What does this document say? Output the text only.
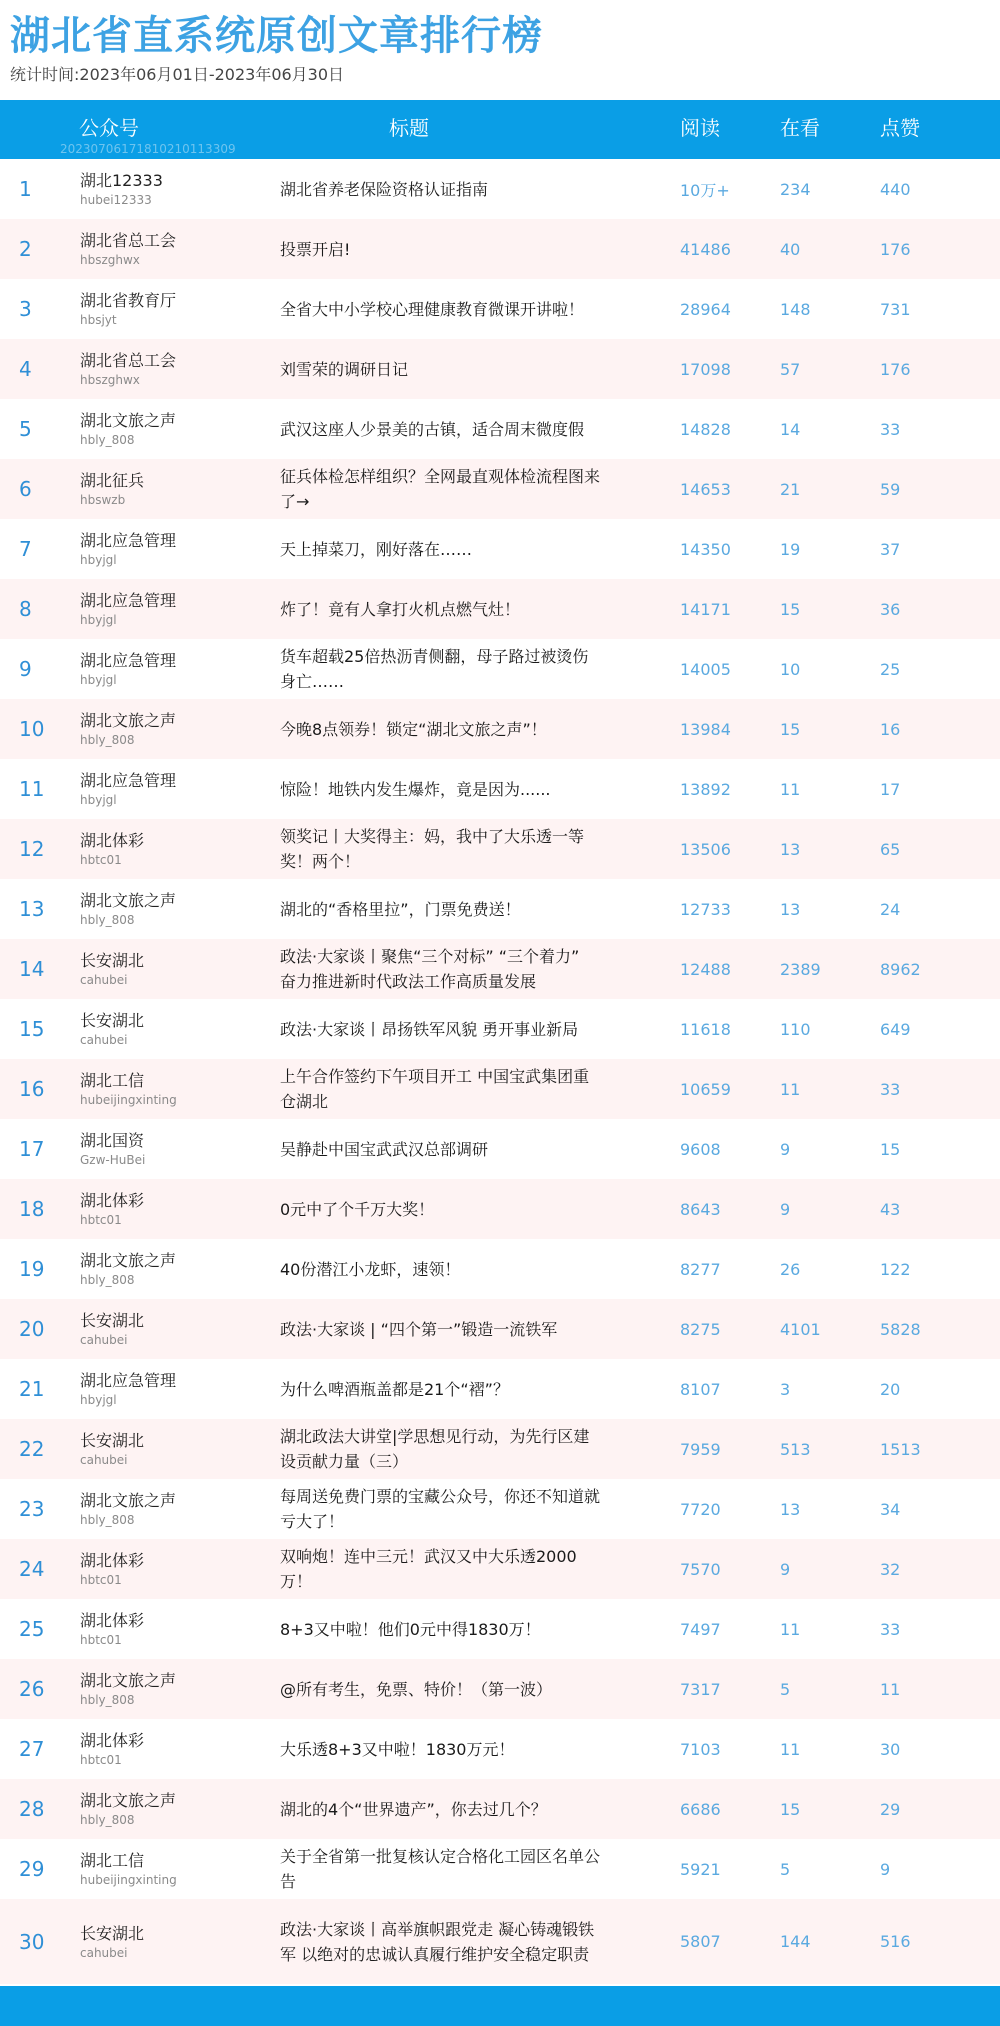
湖北省直系统原创文章排行榜
统计时间:2023年06月01日-2023年06月30日
公众号	标题	阅读	在看	点赞
2023070617181021011330​9
1	湖北12333
hubei12333
湖北省养老保险资格认证指南	10万+	234	440
2	湖北省总工会
hbszghwx
投票开启!	41486	40	176
3	湖北省教育厅
hbsjyt
全省大中小学校心理健康教育微课开讲啦！	28964	148	731
4	湖北省总工会
hbszghwx
刘雪荣的调研日记	17098	57	176
5	湖北文旅之声
hbly_808
武汉这座人少景美的古镇，适合周末微度假	14828	14	33
6	湖北征兵
hbswzb
征兵体检怎样组织？全网最直观体检流程图来了→
14653	21	59
7	湖北应急管理
hbyjgl
天上掉菜刀，刚好落在……	14350	19	37
8	湖北应急管理
hbyjgl
炸了！竟有人拿打火机点燃气灶！	14171	15	36
9	湖北应急管理
hbyjgl
货车超载25倍热沥青侧翻，母子路过被烫伤身亡……
14005	10	25
10 湖北文旅之声
hbly_808
今晚8点领券！锁定“湖北文旅之声”！	13984	15	16
11 湖北应急管理
hbyjgl
惊险！地铁内发生爆炸，竟是因为......	13892	11	17
12 湖北体彩
hbtc01
领奖记丨大奖得主：妈，我中了大乐透一等奖！两个！
13506	13	65
13 湖北文旅之声
hbly_808
湖北的“香格里拉”，门票免费送！	12733	13	24
14 长安湖北
cahubei
政法·大家谈丨聚焦“三个对标” “三个着力” 奋力推进新时代政法工作高质量发展
12488	2389	8962
15 长安湖北
cahubei
政法·大家谈丨昂扬铁军风貌 勇开事业新局	11618	110	649
16 湖北工信
hubeijingxinting
上午合作签约下午项目开工 中国宝武集团重仓湖北
10659	11	33
17 湖北国资
Gzw-HuBei
吴静赴中国宝武武汉总部调研	9608	9	15
18 湖北体彩
hbtc01
0元中了个千万大奖！	8643	9	43
19 湖北文旅之声
hbly_808
40份潜江小龙虾，速领！	8277	26	122
20 长安湖北
cahubei
政法·大家谈 | “四个第一”锻造一流铁军	8275	4101	5828
21 湖北应急管理
hbyjgl
为什么啤酒瓶盖都是21个“褶”？	8107	3	20
22 长安湖北
cahubei
湖北政法大讲堂|学思想见行动，为先行区建设贡献力量（三）
7959	513	1513
23 湖北文旅之声
hbly_808
每周送免费门票的宝藏公众号，你还不知道就亏大了！
7720	13	34
24 湖北体彩
hbtc01
双响炮！连中三元！武汉又中大乐透2000万！
7570	9	32
25 湖北体彩
hbtc01
8+3又中啦！他们0元中得1830万！	7497	11	33
26 湖北文旅之声
hbly_808
@所有考生，免票、特价！（第一波）	7317	5	11
27 湖北体彩
hbtc01
大乐透8+3又中啦！1830万元！	7103	11	30
28 湖北文旅之声
hbly_808
湖北的4个“世界遗产”，你去过几个？	6686	15	29
29 湖北工信
hubeijingxinting
关于全省第一批复核认定合格化工园区名单公告
5921	5	9
30 长安湖北
cahubei
政法·大家谈丨高举旗帜跟党走 凝心铸魂锻铁军 以绝对的忠诚认真履行维护安全稳定职责
5807	144	516
